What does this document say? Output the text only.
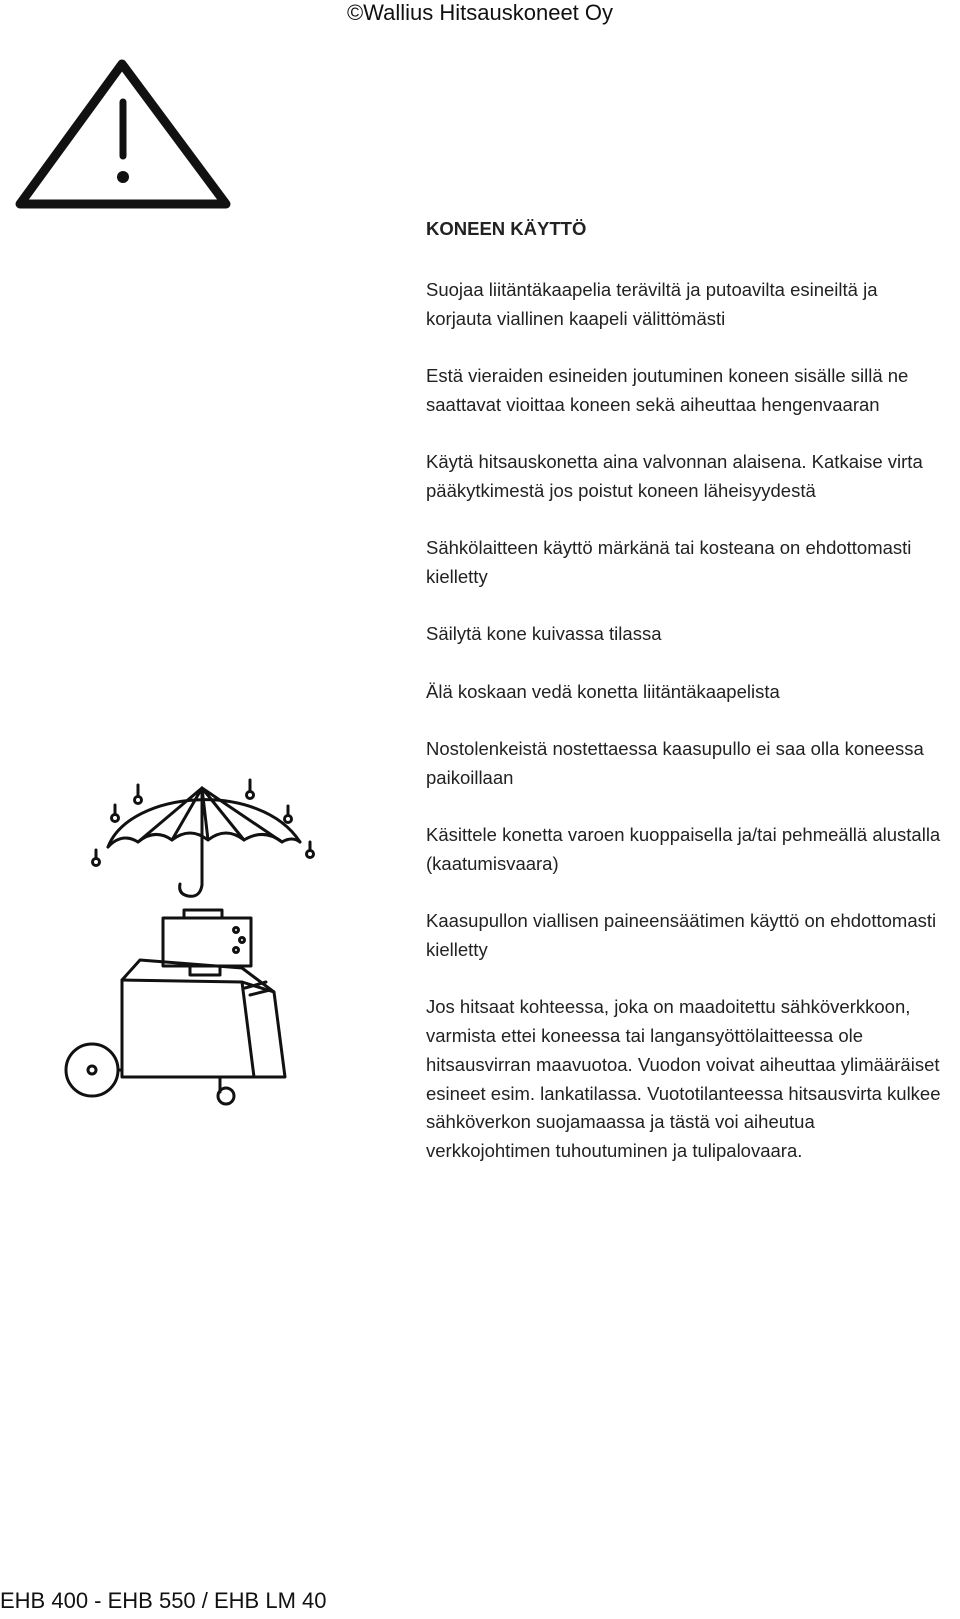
©Wallius Hitsauskoneet Oy

KONEEN KÄYTTÖ

Suojaa liitäntäkaapelia teräviltä ja putoavilta esineiltä ja korjauta viallinen kaapeli välittömästi

Estä vieraiden esineiden joutuminen koneen sisälle sillä ne saattavat vioittaa koneen sekä aiheuttaa hengenvaaran

Käytä hitsauskonetta aina valvonnan alaisena. Katkaise virta pääkytkimestä jos poistut koneen läheisyydestä

Sähkölaitteen käyttö märkänä tai kosteana on ehdottomasti kielletty

Säilytä kone kuivassa tilassa

Älä koskaan vedä konetta liitäntäkaapelista

Nostolenkeistä nostettaessa kaasupullo ei saa olla koneessa paikoillaan

Käsittele konetta varoen kuoppaisella ja/tai pehmeällä alustalla (kaatumisvaara)

Kaasupullon viallisen paineensäätimen käyttö on ehdottomasti kielletty

Jos hitsaat kohteessa, joka on maadoitettu sähköverkkoon, varmista ettei koneessa tai langansyöttölaitteessa ole hitsausvirran maavuotoa. Vuodon voivat aiheuttaa ylimääräiset esineet esim. lankatilassa. Vuototilanteessa hitsausvirta kulkee sähköverkon suojamaassa ja tästä voi aiheutua verkkojohtimen tuhoutuminen ja tulipalovaara.

EHB 400 - EHB 550 / EHB LM 40
